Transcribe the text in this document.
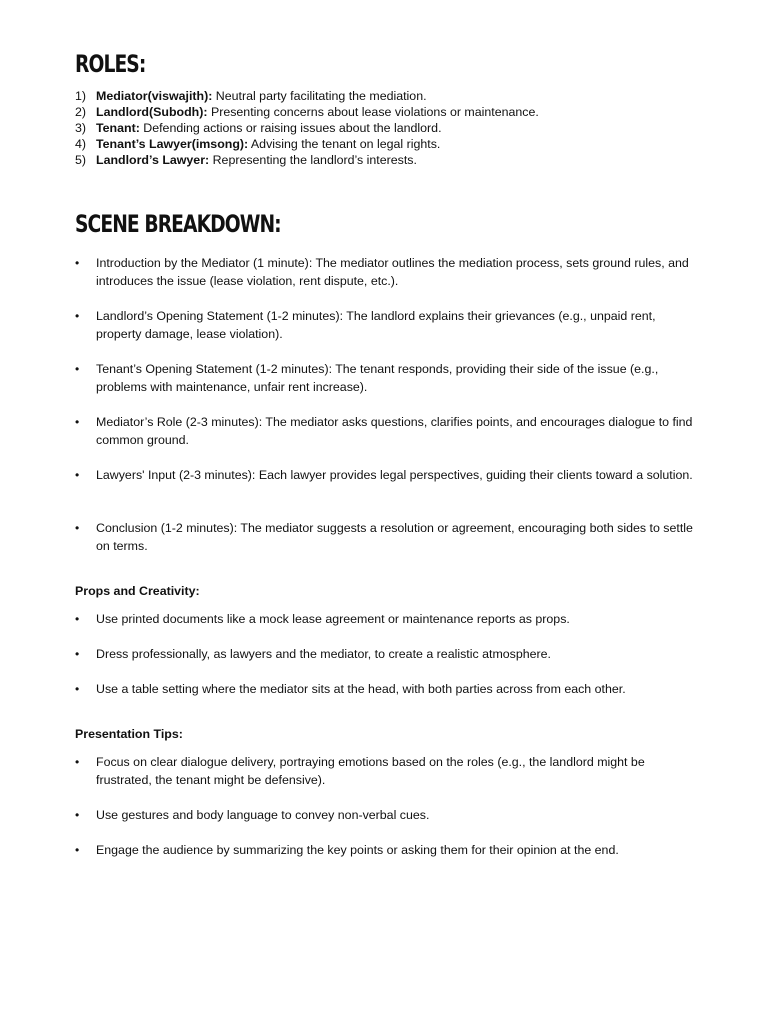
ROLES:
1) Mediator(viswajith): Neutral party facilitating the mediation.
2) Landlord(Subodh): Presenting concerns about lease violations or maintenance.
3) Tenant: Defending actions or raising issues about the landlord.
4) Tenant’s Lawyer(imsong): Advising the tenant on legal rights.
5) Landlord’s Lawyer: Representing the landlord’s interests.
SCENE BREAKDOWN:
• Introduction by the Mediator (1 minute): The mediator outlines the mediation process, sets ground rules, and introduces the issue (lease violation, rent dispute, etc.).
• Landlord’s Opening Statement (1-2 minutes): The landlord explains their grievances (e.g., unpaid rent, property damage, lease violation).
• Tenant’s Opening Statement (1-2 minutes): The tenant responds, providing their side of the issue (e.g., problems with maintenance, unfair rent increase).
• Mediator’s Role (2-3 minutes): The mediator asks questions, clarifies points, and encourages dialogue to find common ground.
• Lawyers' Input (2-3 minutes): Each lawyer provides legal perspectives, guiding their clients toward a solution.
• Conclusion (1-2 minutes): The mediator suggests a resolution or agreement, encouraging both sides to settle on terms.
Props and Creativity:
• Use printed documents like a mock lease agreement or maintenance reports as props.
• Dress professionally, as lawyers and the mediator, to create a realistic atmosphere.
• Use a table setting where the mediator sits at the head, with both parties across from each other.
Presentation Tips:
• Focus on clear dialogue delivery, portraying emotions based on the roles (e.g., the landlord might be frustrated, the tenant might be defensive).
• Use gestures and body language to convey non-verbal cues.
• Engage the audience by summarizing the key points or asking them for their opinion at the end.
